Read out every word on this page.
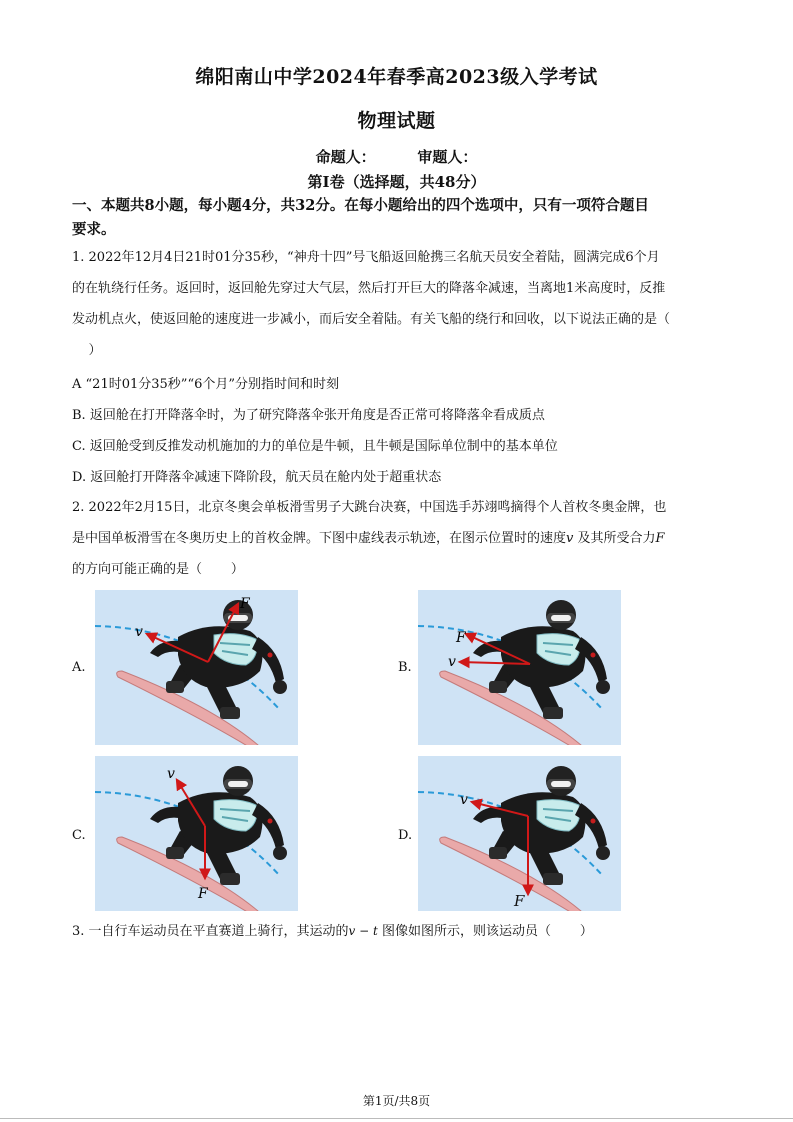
绵阳南山中学2024年春季高2023级入学考试
物理试题
命题人：        审题人：
第Ⅰ卷（选择题，共48分）
一、本题共8小题，每小题4分，共32分。在每小题给出的四个选项中，只有一项符合题目
要求。
1. 2022年12月4日21时01分35秒，“神舟十四”号飞船返回舱携三名航天员安全着陆，圆满完成6个月
的在轨绕行任务。返回时，返回舱先穿过大气层，然后打开巨大的降落伞减速，当离地1米高度时，反推
发动机点火，使返回舱的速度进一步减小，而后安全着陆。有关飞船的绕行和回收，以下说法正确的是（
）
A “21时01分35秒”“6个月”分别指时间和时刻
B. 返回舱在打开降落伞时，为了研究降落伞张开角度是否正常可将降落伞看成质点
C. 返回舱受到反推发动机施加的力的单位是牛顿，且牛顿是国际单位制中的基本单位
D. 返回舱打开降落伞减速下降阶段，航天员在舱内处于超重状态
2. 2022年2月15日，北京冬奥会单板滑雪男子大跳台决赛，中国选手苏翊鸣摘得个人首枚冬奥金牌，也
是中国单板滑雪在冬奥历史上的首枚金牌。下图中虚线表示轨迹，在图示位置时的速度v 及其所受合力F
的方向可能正确的是（       ）
A.	B.
C.	D.
v
F
F
v
v
F
v
F
3. 一自行车运动员在平直赛道上骑行，其运动的v − t 图像如图所示，则该运动员（       ）
第1页/共8页
